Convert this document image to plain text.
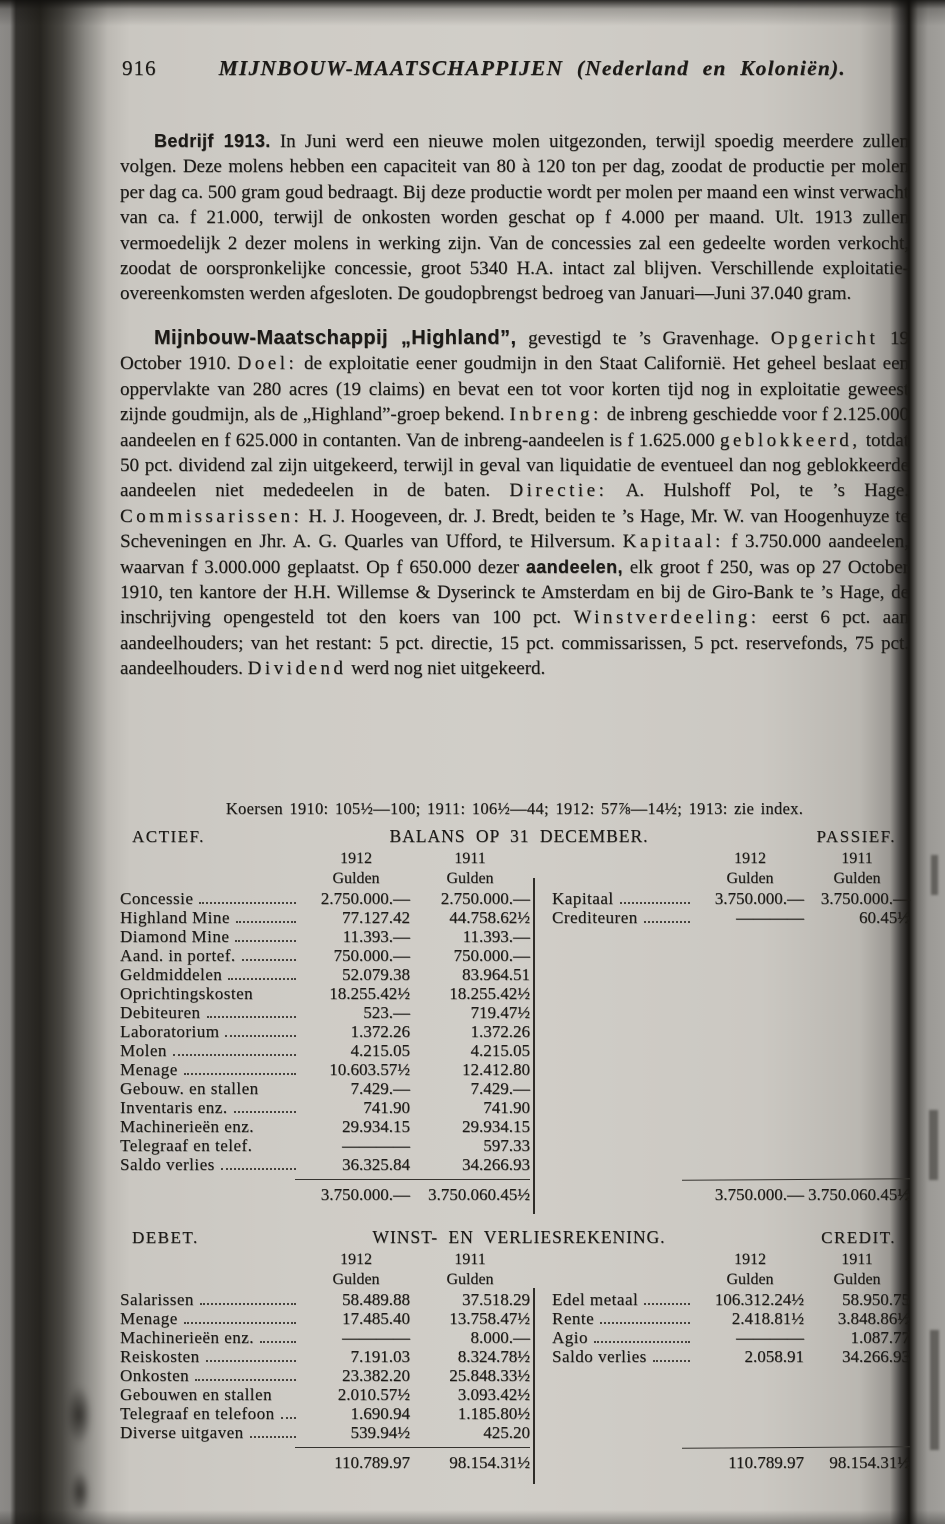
916	MIJNBOUW-MAATSCHAPPIJEN (Nederland en Koloniën).

Bedrijf 1913. In Juni werd een nieuwe molen uitgezonden, terwijl spoedig meerdere zullen volgen. Deze molens hebben een capaciteit van 80 à 120 ton per dag, zoodat de productie per molen per dag ca. 500 gram goud bedraagt. Bij deze productie wordt per molen per maand een winst verwacht van ca. f 21.000, terwijl de onkosten worden geschat op f 4.000 per maand. Ult. 1913 zullen vermoedelijk 2 dezer molens in werking zijn. Van de concessies zal een gedeelte worden verkocht, zoodat de oorspronkelijke concessie, groot 5340 H.A. intact zal blijven. Verschillende exploitatie-overeenkomsten werden afgesloten. De goudopbrengst bedroeg van Januari—Juni 37.040 gram.

Mijnbouw-Maatschappij „Highland”, gevestigd te ’s Gravenhage. Opgericht 19 October 1910. Doel: de exploitatie eener goudmijn in den Staat Californië. Het geheel beslaat een oppervlakte van 280 acres (19 claims) en bevat een tot voor korten tijd nog in exploitatie geweest zijnde goudmijn, als de „Highland”-groep bekend. Inbreng: de inbreng geschiedde voor f 2.125.000 aandeelen en f 625.000 in contanten. Van de inbreng-aandeelen is f 1.625.000 geblokkeerd, totdat 50 pct. dividend zal zijn uitgekeerd, terwijl in geval van liquidatie de eventueel dan nog geblokkeerde aandeelen niet mededeelen in de baten. Directie: A. Hulshoff Pol, te ’s Hage. Commissarissen: H. J. Hoogeveen, dr. J. Bredt, beiden te ’s Hage, Mr. W. van Hoogenhuyze te Scheveningen en Jhr. A. G. Quarles van Ufford, te Hilversum. Kapitaal: f 3.750.000 aandeelen, waarvan f 3.000.000 geplaatst. Op f 650.000 dezer aandeelen, elk groot f 250, was op 27 October 1910, ten kantore der H.H. Willemse & Dyserinck te Amsterdam en bij de Giro-Bank te ’s Hage, de inschrijving opengesteld tot den koers van 100 pct. Winstverdeeling: eerst 6 pct. aan aandeelhouders; van het restant: 5 pct. directie, 15 pct. commissarissen, 5 pct. reservefonds, 75 pct. aandeelhouders. Dividend werd nog niet uitgekeerd.

Koersen 1910: 105½—100; 1911: 106½—44; 1912: 57⅞—14½; 1913: zie index.
ACTIEF.	BALANS OP 31 DECEMBER.	PASSIEF.
1912	1911
Gulden	Gulden
Concessie	2.750.000.—	2.750.000.—
Highland Mine	77.127.42	44.758.62½
Diamond Mine	11.393.—	11.393.—
Aand. in portef.	750.000.—	750.000.—
Geldmiddelen	52.079.38	83.964.51
Oprichtingskosten	18.255.42½	18.255.42½
Debiteuren	523.—	719.47½
Laboratorium	1.372.26	1.372.26
Molen	4.215.05	4.215.05
Menage	10.603.57½	12.412.80
Gebouw. en stallen	7.429.—	7.429.—
Inventaris enz.	741.90	741.90
Machinerieën enz.	29.934.15	29.934.15
Telegraaf en telef.	————	597.33
Saldo verlies	36.325.84	34.266.93
3.750.000.—	3.750.060.45½
1912	1911
Gulden	Gulden
Kapitaal	3.750.000.— 3.750.000.—
Crediteuren	————	60.45½
3.750.000.— 3.750.060.45½
DEBET.	WINST- EN VERLIESREKENING.	CREDIT.
1912	1911
Gulden	Gulden
Salarissen	58.489.88	37.518.29
Menage	17.485.40	13.758.47½
Machinerieën enz.	————	8.000.—
Reiskosten	7.191.03	8.324.78½
Onkosten	23.382.20	25.848.33½
Gebouwen en stallen	2.010.57½	3.093.42½
Telegraaf en telefoon	1.690.94	1.185.80½
Diverse uitgaven	539.94½	425.20
110.789.97	98.154.31½
1912	1911
Gulden	Gulden
Edel metaal	106.312.24½	58.950.75
Rente	2.418.81½	3.848.86½
Agio	————	1.087.77
Saldo verlies	2.058.91	34.266.93
110.789.97	98.154.31½
